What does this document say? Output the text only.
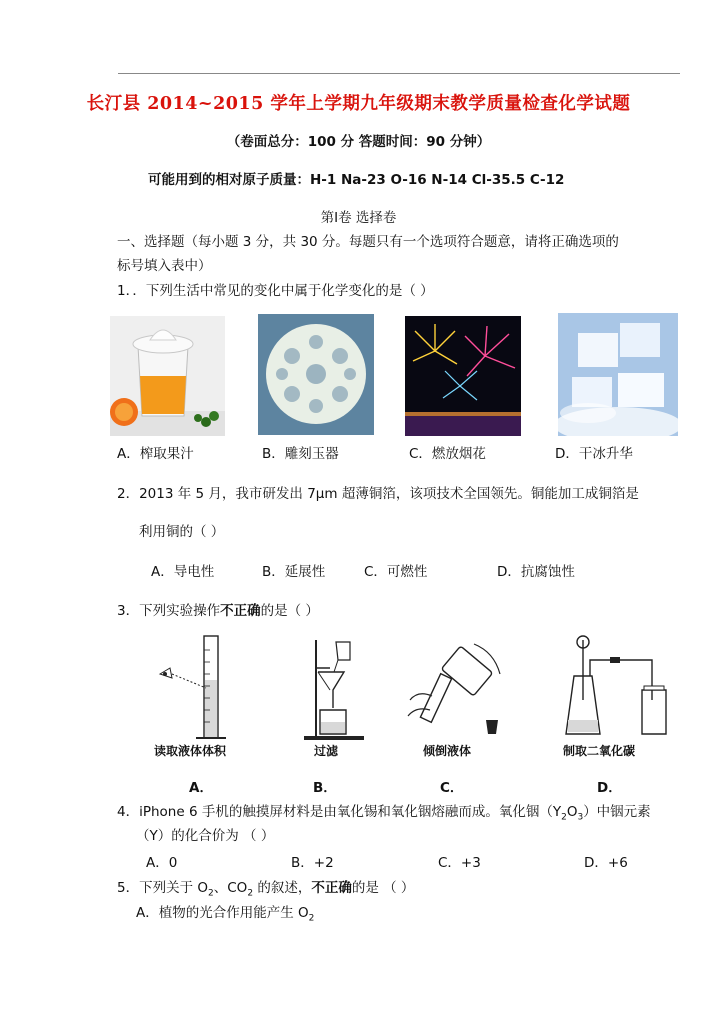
长汀县 2014~2015 学年上学期九年级期末教学质量检查化学试题
（卷面总分：100 分 答题时间：90 分钟）
可能用到的相对原子质量：H-1 Na-23 O-16 N-14 Cl-35.5 C-12
第Ⅰ卷 选择卷
一、选择题（每小题 3 分，共 30 分。每题只有一个选项符合题意，请将正确选项的
标号填入表中）
1．．下列生活中常见的变化中属于化学变化的是（ ）
A．榨取果汁	B．雕刻玉器	C．燃放烟花	D．干冰升华
2．2013 年 5 月，我市研发出 7μm 超薄铜箔，该项技术全国领先。铜能加工成铜箔是
利用铜的（ ）
A．导电性	B．延展性	C．可燃性	D．抗腐蚀性
3．下列实验操作不正确的是（ ）
读取液体体积	过滤	倾倒液体	制取二氧化碳
A．	B．	C．	D．
4．iPhone 6 手机的触摸屏材料是由氧化锡和氧化铟熔融而成。氧化铟$(Y_2O_3)$中铟元素
（Y）的化合价为 （ ）
A．0	B．+2	C．+3	D．+6
5．下列关于 $O_2$、$CO_2$ 的叙述，不正确的是 （ ）
A．植物的光合作用能产生 $O_2$
